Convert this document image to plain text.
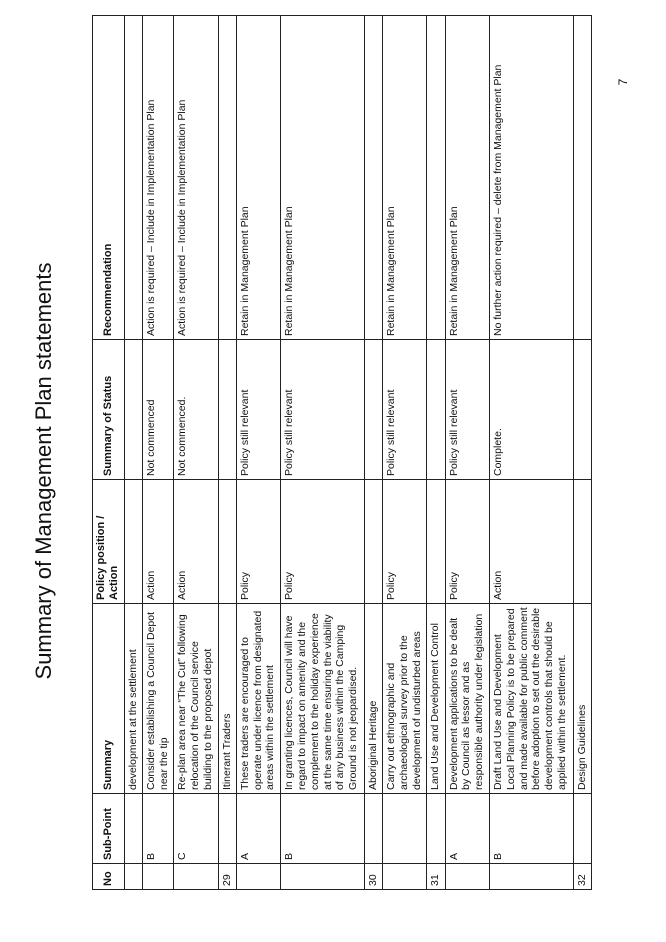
7
Summary of Management Plan statements
No	Sub-Point	Summary	Policy position / Action	Summary of Status	Recommendation
		development at the settlement			
	B	Consider establishing a Council Depot near the tip	Action	Not commenced	Action is required – Include in Implementation Plan
	C	Re-plan area near “The Cut” following relocation of the Council service building to the proposed depot	Action	Not commenced.	Action is required – Include in Implementation Plan
29		Itinerant Traders			
	A	These traders are encouraged to operate under licence from designated areas within the settlement	Policy	Policy still relevant	Retain in Management Plan
	B	In granting licences, Council will have regard to impact on amenity and the complement to the holiday experience at the same time ensuring the viability of any business within the Camping Ground is not jeopardised.	Policy	Policy still relevant	Retain in Management Plan
30		Aboriginal Heritage			
		Carry out ethnographic and archaeological survey prior to the development of undisturbed areas	Policy	Policy still relevant	Retain in Management Plan
31		Land Use and Development Control			
	A	Development applications to be dealt by Council as lessor and as responsible authority under legislation	Policy	Policy still relevant	Retain in Management Plan
	B	Draft Land Use and Development Local Planning Policy is to be prepared and made available for public comment before adoption to set out the desirable development controls that should be applied within the settlement.	Action	Complete.	No further action required – delete from Management Plan
32		Design Guidelines			
